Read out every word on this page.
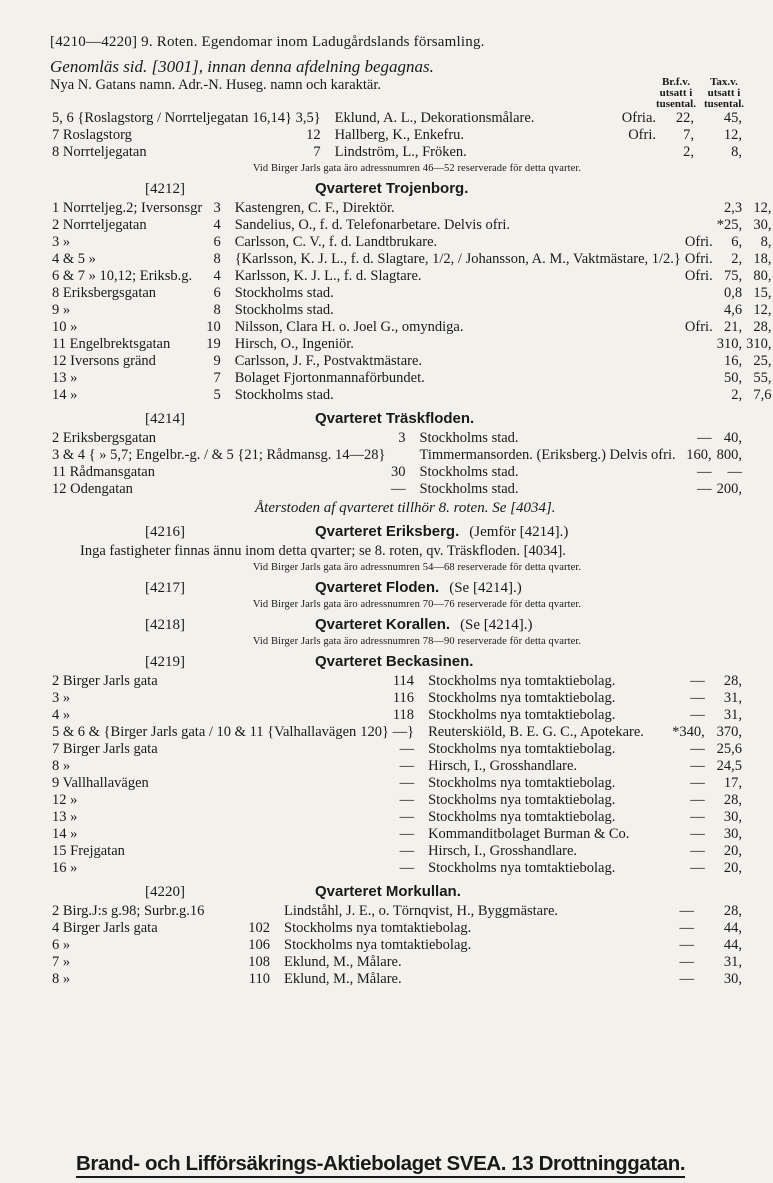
[4210—4220] 9. Roten. Egendomar inom Ladugårdslands församling.
Genomläs sid. [3001], innan denna afdelning begagnas.
Nya N. Gatans namn. Adr.-N. Huseg. namn och karaktär.	Br.f.v.
utsatt i
tusental.
Tax.v.
utsatt i
tusental.
5, 6 {Roslagstorg / Norrteljegatan	16,14} 3,5}	Eklund, A. L., Dekorationsmålare.	Ofria.	22,	45,
7 Roslagstorg	12	Hallberg, K., Enkefru.	Ofri.	7,	12,
8 Norrteljegatan	7	Lindström, L., Fröken.		2,	8,
Vid Birger Jarls gata äro adressnumren 46—52 reserverade för detta qvarter.
[4212]	Qvarteret Trojenborg.
1 Norrteljeg.2; Iversonsgr	3	Kastengren, C. F., Direktör.		2,3	12,
2 Norrteljegatan	4	Sandelius, O., f. d. Telefonarbetare. Delvis ofri.		*25,	30,
3 »	6	Carlsson, C. V., f. d. Landtbrukare.	Ofri.	6,	8,
4 & 5 »	8	{Karlsson, K. J. L., f. d. Slagtare, 1/2, / Johansson, A. M., Vaktmästare, 1/2.}	Ofri.	2,	18,
6 & 7 » 10,12; Eriksb.g.	4	Karlsson, K. J. L., f. d. Slagtare.	Ofri.	75,	80,
8 Eriksbergsgatan	6	Stockholms stad.		0,8	15,
9 »	8	Stockholms stad.		4,6	12,
10 »	10	Nilsson, Clara H. o. Joel G., omyndiga.	Ofri.	21,	28,
11 Engelbrektsgatan	19	Hirsch, O., Ingeniör.		310,	310,
12 Iversons gränd	9	Carlsson, J. F., Postvaktmästare.		16,	25,
13 »	7	Bolaget Fjortonmannaförbundet.		50,	55,
14 »	5	Stockholms stad.		2,	7,6
[4214]	Qvarteret Träskfloden.
2 Eriksbergsgatan	3	Stockholms stad.		—	40,
3 & 4 { » 5,7; Engelbr.-g. / & 5 {21; Rådmansg. 14—28}		Timmermansorden. (Eriksberg.) Delvis ofri.		160,	800,
11 Rådmansgatan	30	Stockholms stad.		—	—
12 Odengatan	—	Stockholms stad.		—	200,
Återstoden af qvarteret tillhör 8. roten. Se [4034].
[4216]	Qvarteret Eriksberg. (Jemför [4214].)
Inga fastigheter finnas ännu inom detta qvarter; se 8. roten, qv. Träskfloden. [4034].
Vid Birger Jarls gata äro adressnumren 54—68 reserverade för detta qvarter.
[4217]	Qvarteret Floden. (Se [4214].)
Vid Birger Jarls gata äro adressnumren 70—76 reserverade för detta qvarter.
[4218]	Qvarteret Korallen. (Se [4214].)
Vid Birger Jarls gata äro adressnumren 78—90 reserverade för detta qvarter.
[4219]	Qvarteret Beckasinen.
2 Birger Jarls gata	114	Stockholms nya tomtaktiebolag.		—	28,
3 »	116	Stockholms nya tomtaktiebolag.		—	31,
4 »	118	Stockholms nya tomtaktiebolag.		—	31,
5 & 6 & {Birger Jarls gata / 10 & 11 {Valhallavägen	120} —}	Reuterskiöld, B. E. G. C., Apotekare.		*340,	370,
7 Birger Jarls gata	—	Stockholms nya tomtaktiebolag.		—	25,6
8 »	—	Hirsch, I., Grosshandlare.		—	24,5
9 Vallhallavägen	—	Stockholms nya tomtaktiebolag.		—	17,
12 »	—	Stockholms nya tomtaktiebolag.		—	28,
13 »	—	Stockholms nya tomtaktiebolag.		—	30,
14 »	—	Kommanditbolaget Burman & Co.		—	30,
15 Frejgatan	—	Hirsch, I., Grosshandlare.		—	20,
16 »	—	Stockholms nya tomtaktiebolag.		—	20,
[4220]	Qvarteret Morkullan.
2 Birg.J:s g.98; Surbr.g.16		Lindståhl, J. E., o. Törnqvist, H., Byggmästare.		—	28,
4 Birger Jarls gata	102	Stockholms nya tomtaktiebolag.		—	44,
6 »	106	Stockholms nya tomtaktiebolag.		—	44,
7 »	108	Eklund, M., Målare.		—	31,
8 »	110	Eklund, M., Målare.		—	30,
Brand- och Lifförsäkrings-Aktiebolaget SVEA. 13 Drottninggatan.
